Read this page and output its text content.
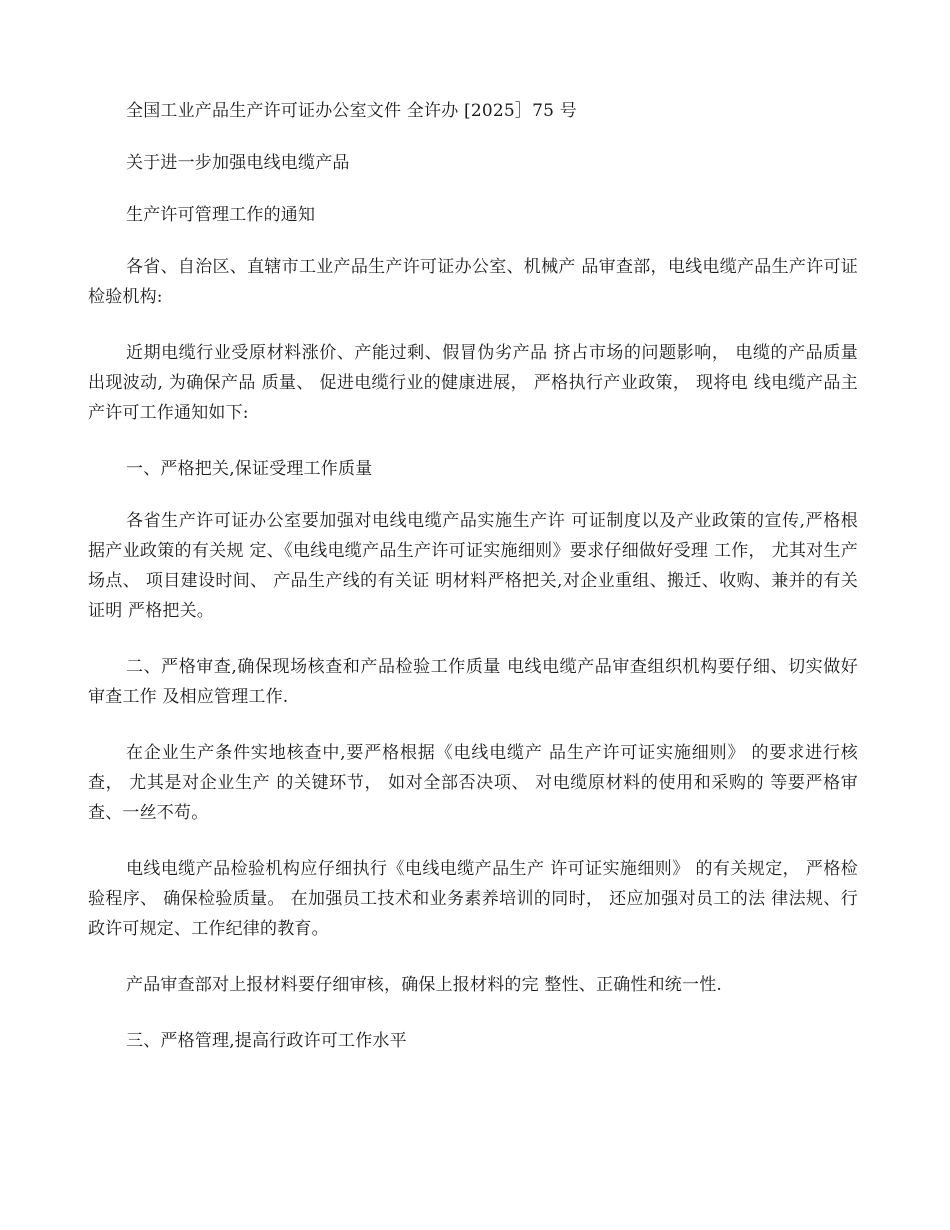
全国工业产品生产许可证办公室文件 全许办 [2025］75 号

关于进一步加强电线电缆产品

生产许可管理工作的通知

各省、自治区、直辖市工业产品生产许可证办公室、机械产 品审查部，电线电缆产品生产许可证检验机构:

近期电缆行业受原材料涨价、产能过剩、假冒伪劣产品 挤占市场的问题影响， 电缆的产品质量出现波动, 为确保产品 质量、 促进电缆行业的健康进展， 严格执行产业政策， 现将电 线电缆产品主产许可工作通知如下:

一、严格把关,保证受理工作质量

各省生产许可证办公室要加强对电线电缆产品实施生产许 可证制度以及产业政策的宣传,严格根据产业政策的有关规 定、《电线电缆产品生产许可证实施细则》要求仔细做好受理 工作， 尤其对生产场点、 项目建设时间、 产品生产线的有关证 明材料严格把关,对企业重组、搬迁、收购、兼并的有关证明 严格把关。

二、严格审查,确保现场核查和产品检验工作质量 电线电缆产品审查组织机构要仔细、切实做好审查工作 及相应管理工作.

在企业生产条件实地核查中,要严格根据《电线电缆产 品生产许可证实施细则》 的要求进行核查， 尤其是对企业生产 的关键环节， 如对全部否决项、 对电缆原材料的使用和采购的 等要严格审查、一丝不苟。

电线电缆产品检验机构应仔细执行《电线电缆产品生产 许可证实施细则》 的有关规定， 严格检验程序、 确保检验质量。 在加强员工技术和业务素养培训的同时， 还应加强对员工的法 律法规、行政许可规定、工作纪律的教育。

产品审查部对上报材料要仔细审核，确保上报材料的完 整性、正确性和统一性.

三、严格管理,提高行政许可工作水平
